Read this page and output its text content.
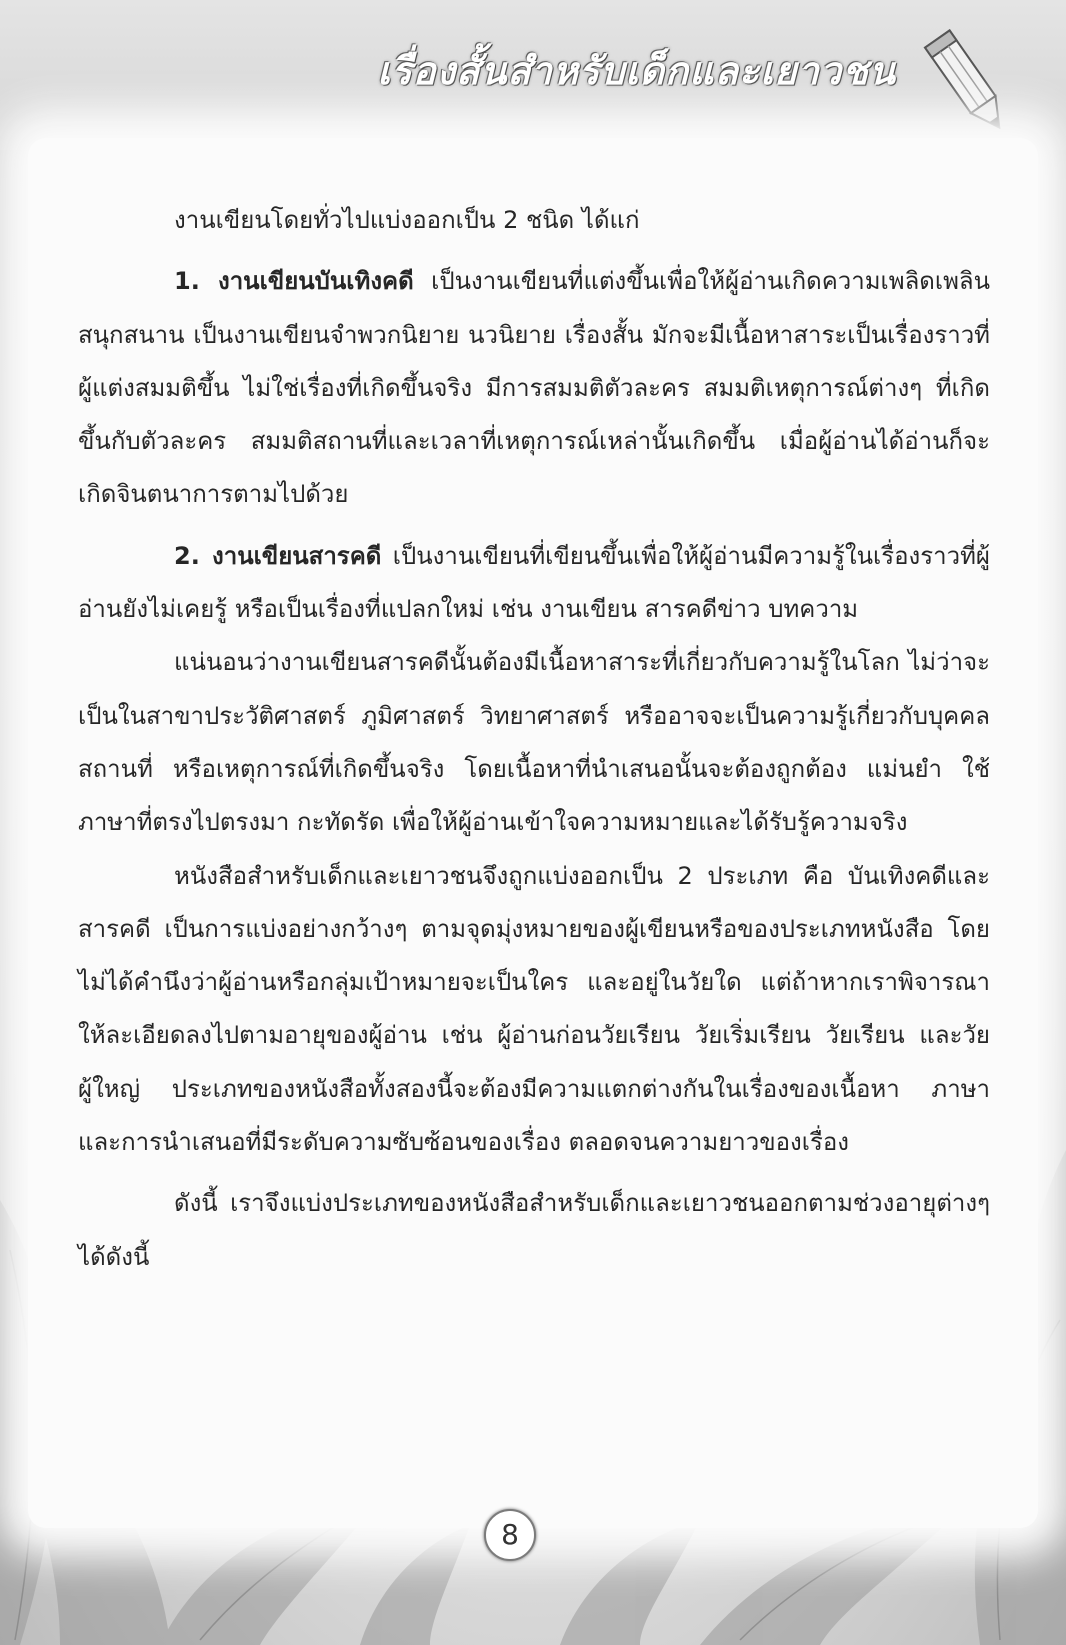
เรื่องสั้นสำหรับเด็กและเยาวชน

งานเขียนโดยทั่วไปแบ่งออกเป็น 2 ชนิด ได้แก่

1. งานเขียนบันเทิงคดี เป็นงานเขียนที่แต่งขึ้นเพื่อให้ผู้อ่านเกิดความเพลิดเพลิน สนุกสนาน เป็นงานเขียนจำพวกนิยาย นวนิยาย เรื่องสั้น มักจะมีเนื้อหาสาระเป็นเรื่องราวที่ผู้แต่งสมมติขึ้น ไม่ใช่เรื่องที่เกิดขึ้นจริง มีการสมมติตัวละคร สมมติเหตุการณ์ต่างๆ ที่เกิดขึ้นกับตัวละคร สมมติสถานที่และเวลาที่เหตุการณ์เหล่านั้นเกิดขึ้น เมื่อผู้อ่านได้อ่านก็จะเกิดจินตนาการตามไปด้วย

2. งานเขียนสารคดี เป็นงานเขียนที่เขียนขึ้นเพื่อให้ผู้อ่านมีความรู้ในเรื่องราวที่ผู้อ่านยังไม่เคยรู้ หรือเป็นเรื่องที่แปลกใหม่ เช่น งานเขียน สารคดีข่าว บทความ

แน่นอนว่างานเขียนสารคดีนั้นต้องมีเนื้อหาสาระที่เกี่ยวกับความรู้ในโลก ไม่ว่าจะเป็นในสาขาประวัติศาสตร์ ภูมิศาสตร์ วิทยาศาสตร์ หรืออาจจะเป็นความรู้เกี่ยวกับบุคคล สถานที่ หรือเหตุการณ์ที่เกิดขึ้นจริง โดยเนื้อหาที่นำเสนอนั้นจะต้องถูกต้อง แม่นยำ ใช้ภาษาที่ตรงไปตรงมา กะทัดรัด เพื่อให้ผู้อ่านเข้าใจความหมายและได้รับรู้ความจริง

หนังสือสำหรับเด็กและเยาวชนจึงถูกแบ่งออกเป็น 2 ประเภท คือ บันเทิงคดีและสารคดี เป็นการแบ่งอย่างกว้างๆ ตามจุดมุ่งหมายของผู้เขียนหรือของประเภทหนังสือ โดยไม่ได้คำนึงว่าผู้อ่านหรือกลุ่มเป้าหมายจะเป็นใคร และอยู่ในวัยใด แต่ถ้าหากเราพิจารณาให้ละเอียดลงไปตามอายุของผู้อ่าน เช่น ผู้อ่านก่อนวัยเรียน วัยเริ่มเรียน วัยเรียน และวัยผู้ใหญ่ ประเภทของหนังสือทั้งสองนี้จะต้องมีความแตกต่างกันในเรื่องของเนื้อหา ภาษา และการนำเสนอที่มีระดับความซับซ้อนของเรื่อง ตลอดจนความยาวของเรื่อง

ดังนี้ เราจึงแบ่งประเภทของหนังสือสำหรับเด็กและเยาวชนออกตามช่วงอายุต่างๆ ได้ดังนี้

8
